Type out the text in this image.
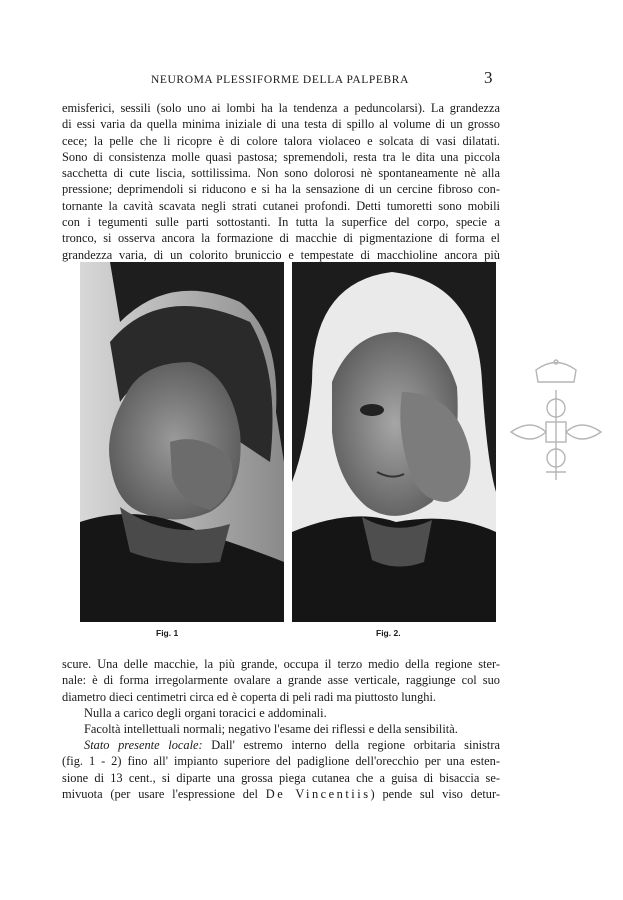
NEUROMA PLESSIFORME DELLA PALPEBRA	3

emisferici, sessili (solo uno ai lombi ha la tendenza a peduncolarsi). La grandezza
di essi varia da quella minima iniziale di una testa di spillo al volume di un grosso
cece; la pelle che li ricopre è di colore talora violaceo e solcata di vasi dilatati.
Sono di consistenza molle quasi pastosa; spremendoli, resta tra le dita una piccola
sacchetta di cute liscia, sottilissima. Non sono dolorosi nè spontaneamente nè alla
pressione; deprimendoli si riducono e si ha la sensazione di un cercine fibroso con-
tornante la cavità scavata negli strati cutanei profondi. Detti tumoretti sono mobili
con i tegumenti sulle parti sottostanti. In tutta la superfice del corpo, specie a
tronco, si osserva ancora la formazione di macchie di pigmentazione di forma el
grandezza varia, di un colorito bruniccio e tempestate di macchioline ancora più

Fig. 1	Fig. 2.

scure. Una delle macchie, la più grande, occupa il terzo medio della regione ster-
nale: è di forma irregolarmente ovalare a grande asse verticale, raggiunge col suo
diametro dieci centimetri circa ed è coperta di peli radi ma piuttosto lunghi.

Nulla a carico degli organi toracici e addominali.

Facoltà intellettuali normali; negativo l'esame dei riflessi e della sensibilità.

Stato presente locale: Dall' estremo interno della regione orbitaria sinistra
(fig. 1 - 2) fino all' impianto superiore del padiglione dell'orecchio per una esten-
sione di 13 cent., si diparte una grossa piega cutanea che a guisa di bisaccia se-
mivuota (per usare l'espressione del De Vincentiis) pende sul viso detur-
